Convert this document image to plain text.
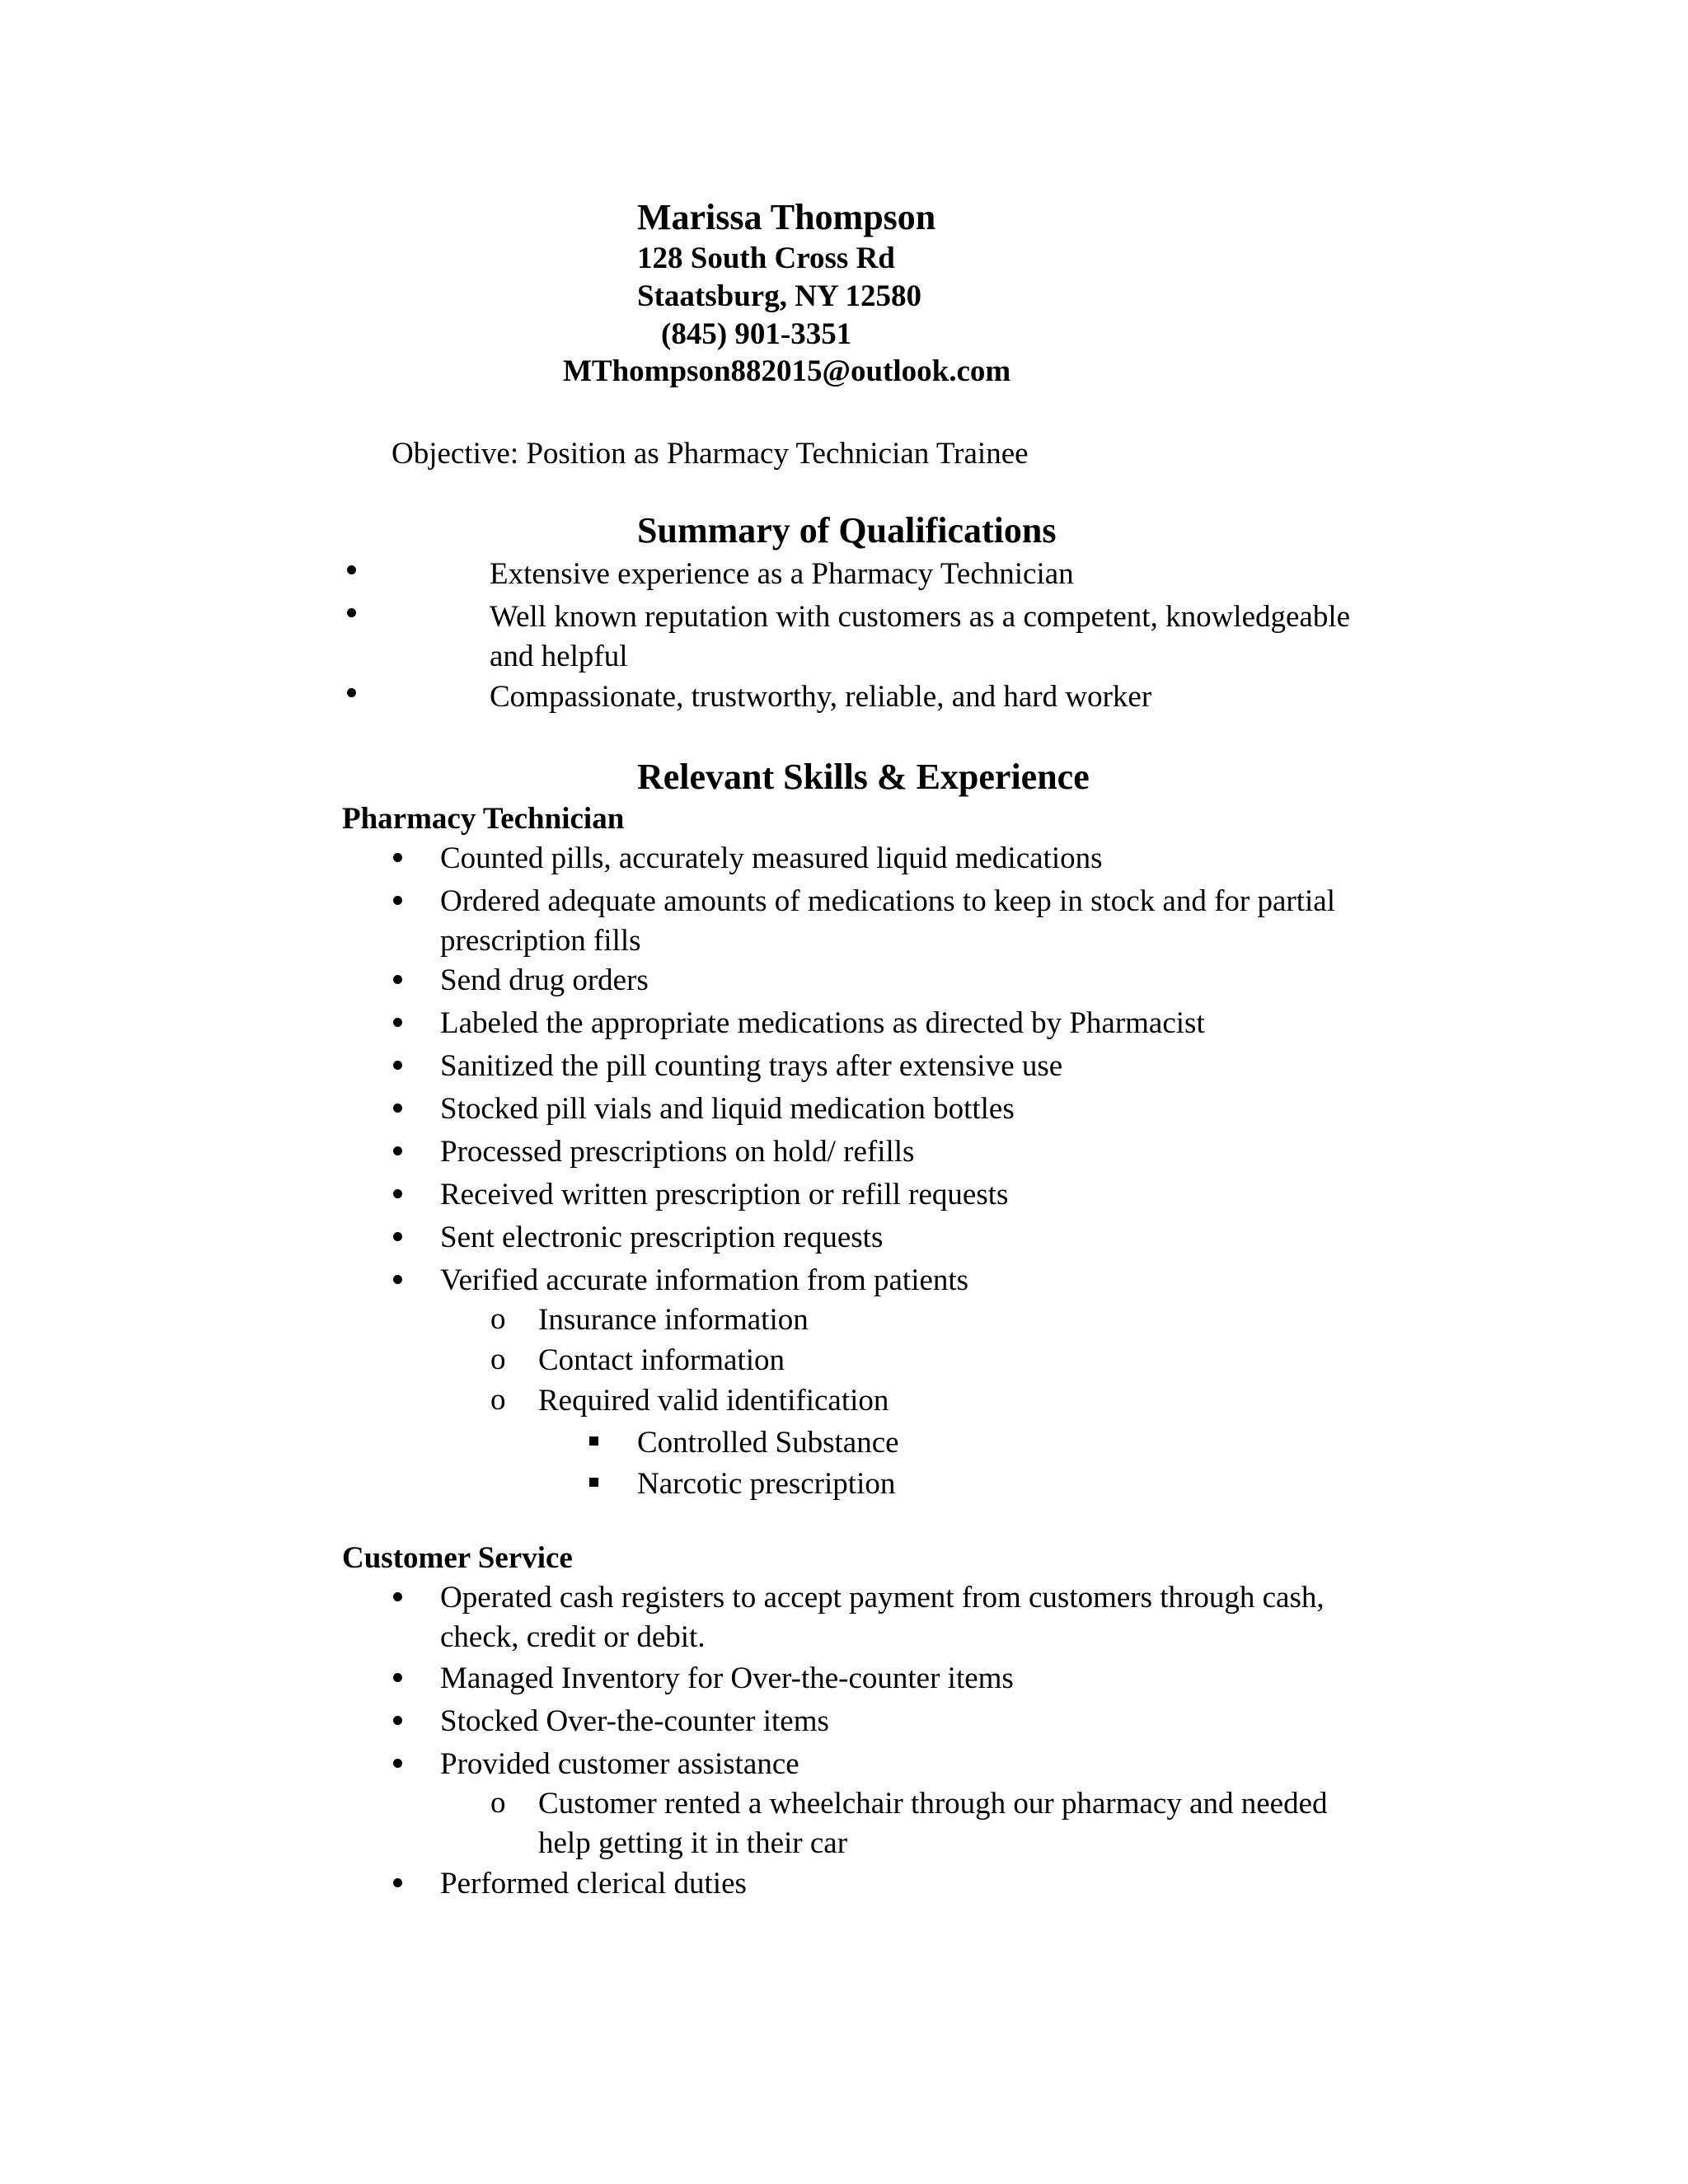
Marissa Thompson
128 South Cross Rd
Staatsburg, NY 12580
(845) 901-3351
MThompson882015@outlook.com
Objective: Position as Pharmacy Technician Trainee
Summary of Qualifications
Extensive experience as a Pharmacy Technician
Well known reputation with customers as a competent, knowledgeable
and helpful
Compassionate, trustworthy, reliable, and hard worker
Relevant Skills & Experience
Pharmacy Technician
Counted pills, accurately measured liquid medications
Ordered adequate amounts of medications to keep in stock and for partial
prescription fills
Send drug orders
Labeled the appropriate medications as directed by Pharmacist
Sanitized the pill counting trays after extensive use
Stocked pill vials and liquid medication bottles
Processed prescriptions on hold/ refills
Received written prescription or refill requests
Sent electronic prescription requests
Verified accurate information from patients
o Insurance information
o Contact information
o Required valid identification
Controlled Substance
Narcotic prescription
Customer Service
Operated cash registers to accept payment from customers through cash,
check, credit or debit.
Managed Inventory for Over-the-counter items
Stocked Over-the-counter items
Provided customer assistance
o Customer rented a wheelchair through our pharmacy and needed
help getting it in their car
Performed clerical duties
